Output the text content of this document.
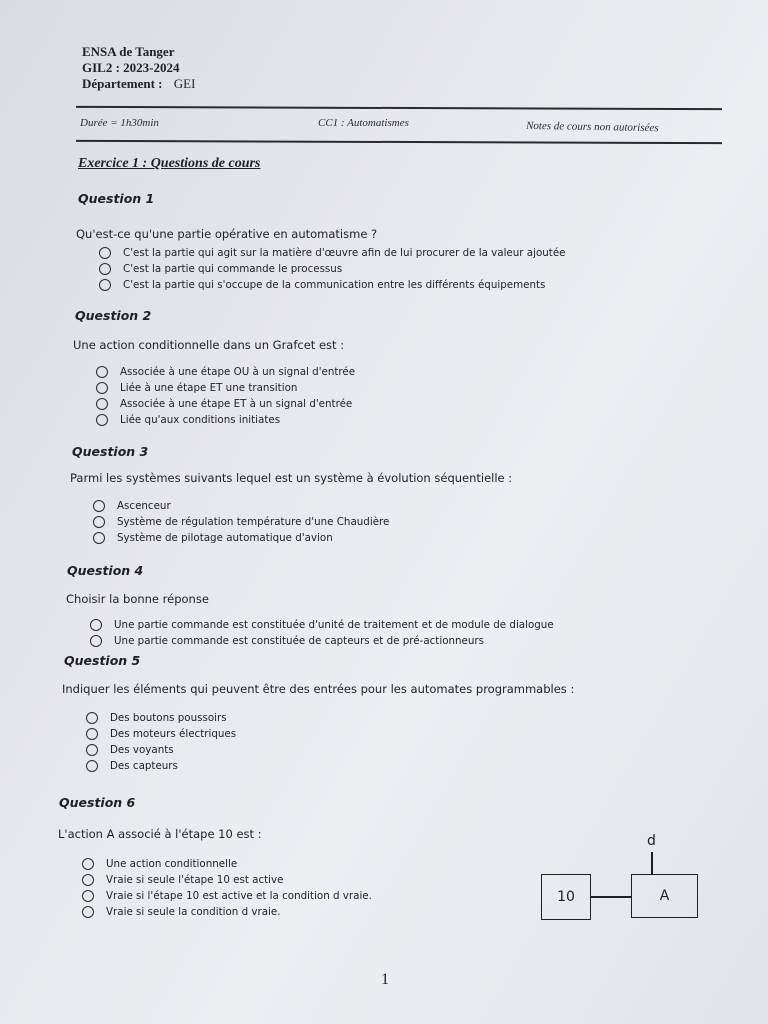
ENSA de Tanger
GIL2 : 2023-2024
Département : GEI
Durée = 1h30min	CC1 : Automatismes	Notes de cours non autorisées
Exercice 1 : Questions de cours
Question 1
Qu'est-ce qu'une partie opérative en automatisme ?
C'est la partie qui agit sur la matière d'œuvre afin de lui procurer de la valeur ajoutée
C'est la partie qui commande le processus
C'est la partie qui s'occupe de la communication entre les différents équipements
Question 2
Une action conditionnelle dans un Grafcet est :
Associée à une étape OU à un signal d'entrée
Liée à une étape ET une transition
Associée à une étape ET à un signal d'entrée
Liée qu'aux conditions initiates
Question 3
Parmi les systèmes suivants lequel est un système à évolution séquentielle :
Ascenceur
Système de régulation température d'une Chaudière
Système de pilotage automatique d'avion
Question 4
Choisir la bonne réponse
Une partie commande est constituée d'unité de traitement et de module de dialogue
Une partie commande est constituée de capteurs et de pré-actionneurs
Question 5
Indiquer les éléments qui peuvent être des entrées pour les automates programmables :
Des boutons poussoirs
Des moteurs électriques
Des voyants
Des capteurs
Question 6
L'action A associé à l'étape 10 est :
Une action conditionnelle
Vraie si seule l'étape 10 est active
Vraie si l'étape 10 est active et la condition d vraie.
Vraie si seule la condition d vraie.
10	A
d
1
